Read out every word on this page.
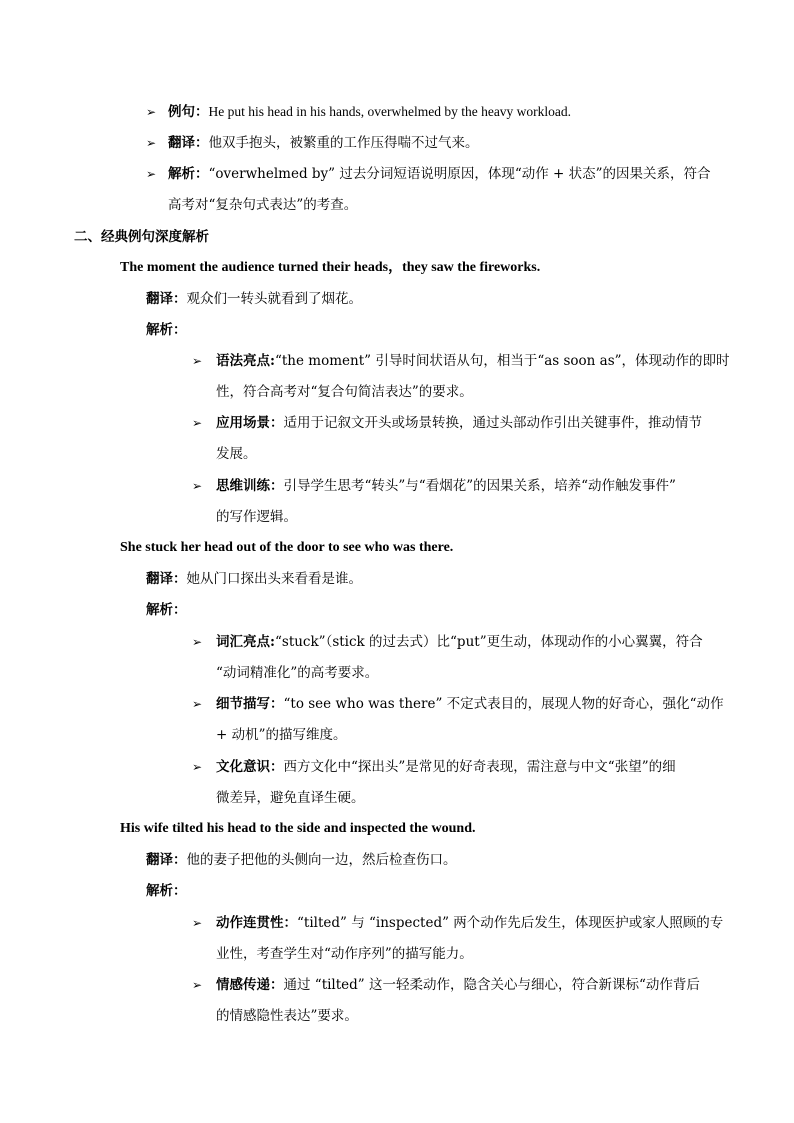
➢ 例句：He put his head in his hands, overwhelmed by the heavy workload.
➢ 翻译：他双手抱头，被繁重的工作压得喘不过气来。
➢ 解析：“overwhelmed by” 过去分词短语说明原因，体现“动作 + 状态”的因果关系，符合
高考对“复杂句式表达”的考查。
二、经典例句深度解析
The moment the audience turned their heads，they saw the fireworks.
翻译：观众们一转头就看到了烟花。
解析：
➢ 语法亮点:“the moment” 引导时间状语从句，相当于“as soon as”，体现动作的即时
性，符合高考对“复合句简洁表达”的要求。
➢ 应用场景：适用于记叙文开头或场景转换，通过头部动作引出关键事件，推动情节
发展。
➢ 思维训练：引导学生思考“转头”与“看烟花”的因果关系，培养“动作触发事件”
的写作逻辑。
She stuck her head out of the door to see who was there.
翻译：她从门口探出头来看看是谁。
解析：
➢ 词汇亮点:“stuck”（stick 的过去式）比“put”更生动，体现动作的小心翼翼，符合
“动词精准化”的高考要求。
➢ 细节描写：“to see who was there” 不定式表目的，展现人物的好奇心，强化“动作
+ 动机”的描写维度。
➢ 文化意识：西方文化中“探出头”是常见的好奇表现，需注意与中文“张望”的细
微差异，避免直译生硬。
His wife tilted his head to the side and inspected the wound.
翻译：他的妻子把他的头侧向一边，然后检查伤口。
解析：
➢ 动作连贯性：“tilted” 与 “inspected” 两个动作先后发生，体现医护或家人照顾的专
业性，考查学生对“动作序列”的描写能力。
➢ 情感传递：通过 “tilted” 这一轻柔动作，隐含关心与细心，符合新课标“动作背后
的情感隐性表达”要求。
